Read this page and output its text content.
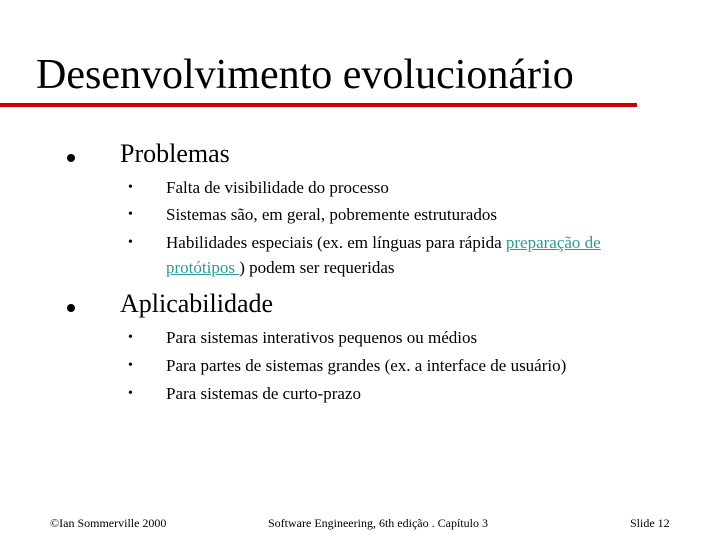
Desenvolvimento evolucionário
Problemas
• Falta de visibilidade do processo
• Sistemas são, em geral, pobremente estruturados
• Habilidades especiais (ex. em línguas para rápida preparação de
protótipos ) podem ser requeridas
Aplicabilidade
• Para sistemas interativos pequenos ou médios
• Para partes de sistemas grandes (ex. a interface de usuário)
• Para sistemas de curto-prazo
©Ian Sommerville 2000	Software Engineering, 6th edição . Capítulo 3	Slide 12
